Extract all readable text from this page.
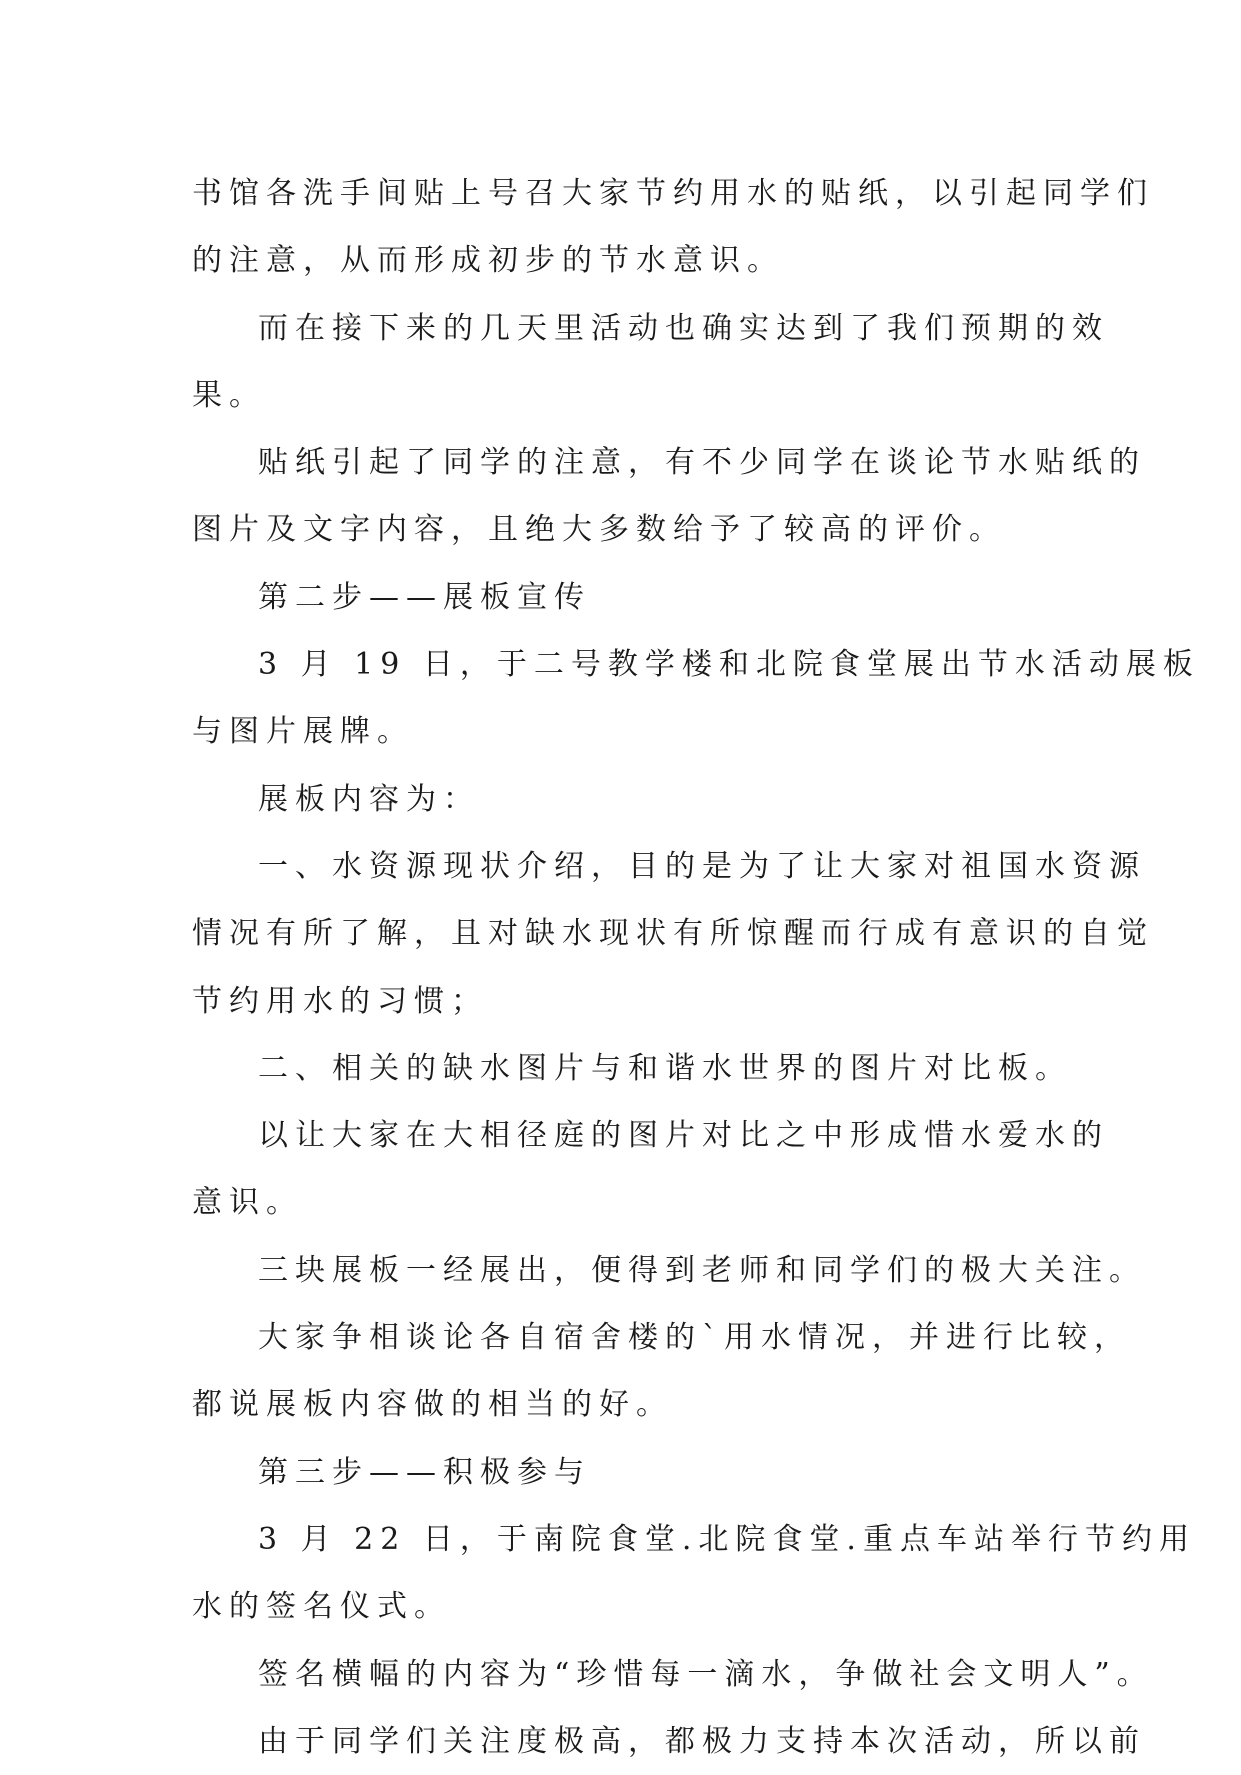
书馆各洗手间贴上号召大家节约用水的贴纸，以引起同学们
的注意，从而形成初步的节水意识。
而在接下来的几天里活动也确实达到了我们预期的效
果。
贴纸引起了同学的注意，有不少同学在谈论节水贴纸的
图片及文字内容，且绝大多数给予了较高的评价。
第二步——展板宣传
3 月 19 日，于二号教学楼和北院食堂展出节水活动展板
与图片展牌。
展板内容为：
一、水资源现状介绍，目的是为了让大家对祖国水资源
情况有所了解，且对缺水现状有所惊醒而行成有意识的自觉
节约用水的习惯；
二、相关的缺水图片与和谐水世界的图片对比板。
以让大家在大相径庭的图片对比之中形成惜水爱水的
意识。
三块展板一经展出，便得到老师和同学们的极大关注。
大家争相谈论各自宿舍楼的`用水情况，并进行比较，
都说展板内容做的相当的好。
第三步——积极参与
3 月 22 日，于南院食堂.北院食堂.重点车站举行节约用
水的签名仪式。
签名横幅的内容为“珍惜每一滴水，争做社会文明人”。
由于同学们关注度极高，都极力支持本次活动，所以前
